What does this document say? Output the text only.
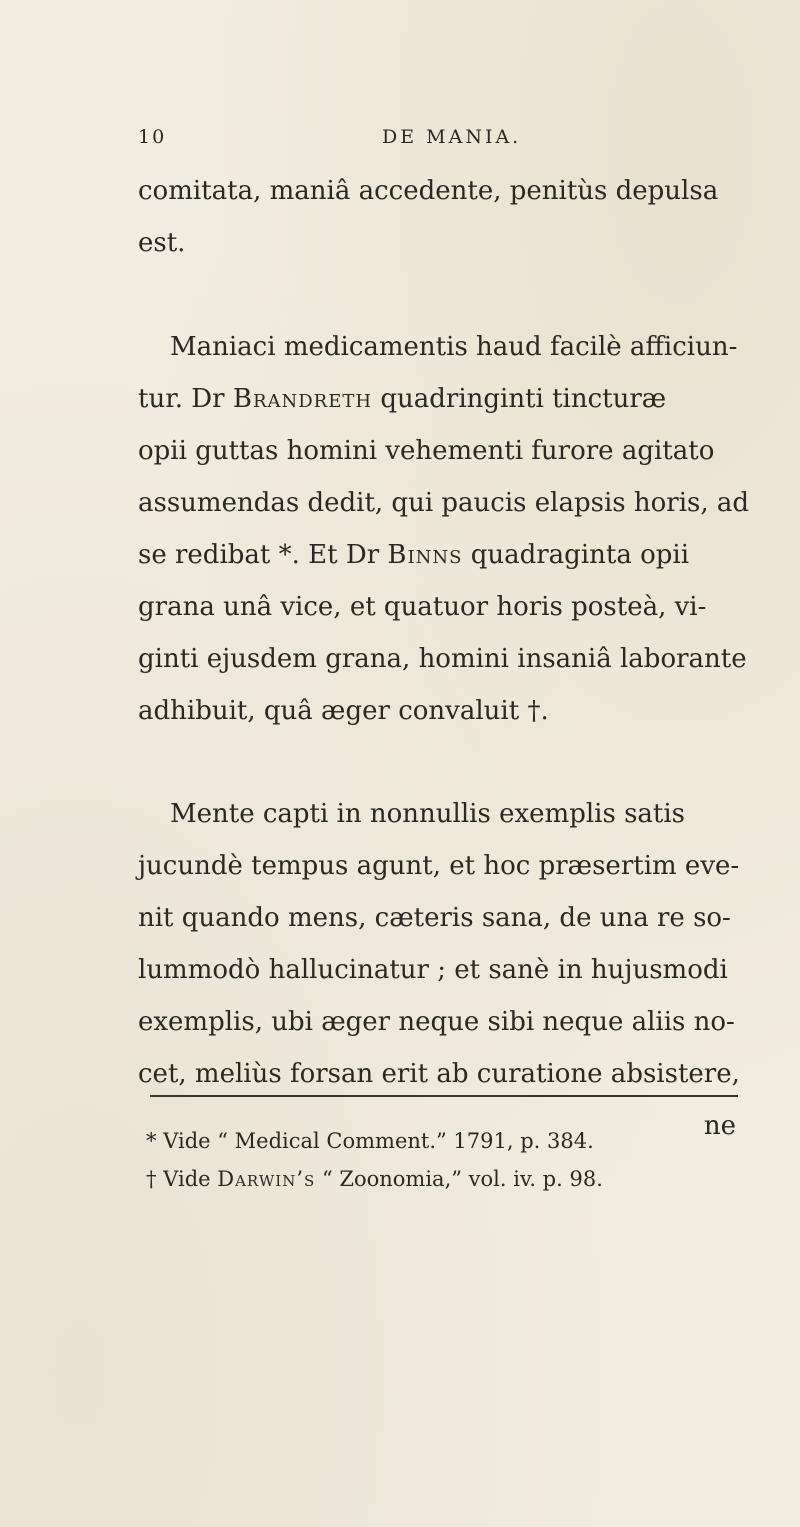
10	DE MANIA.
comitata, maniâ accedente, penitùs depulsa
est.
Maniaci medicamentis haud facilè afficiun-
tur. Dr Brandreth quadringinti tincturæ
opii guttas homini vehementi furore agitato
assumendas dedit, qui paucis elapsis horis, ad
se redibat *. Et Dr Binns quadraginta opii
grana unâ vice, et quatuor horis posteà, vi-
ginti ejusdem grana, homini insaniâ laborante
adhibuit, quâ æger convaluit †.
Mente capti in nonnullis exemplis satis
jucundè tempus agunt, et hoc præsertim eve-
nit quando mens, cæteris sana, de una re so-
lummodò hallucinatur ; et sanè in hujusmodi
exemplis, ubi æger neque sibi neque aliis no-
cet, meliùs forsan erit ab curatione absistere,
ne
* Vide “ Medical Comment.” 1791, p. 384.
† Vide Darwin’s “ Zoonomia,” vol. iv. p. 98.
